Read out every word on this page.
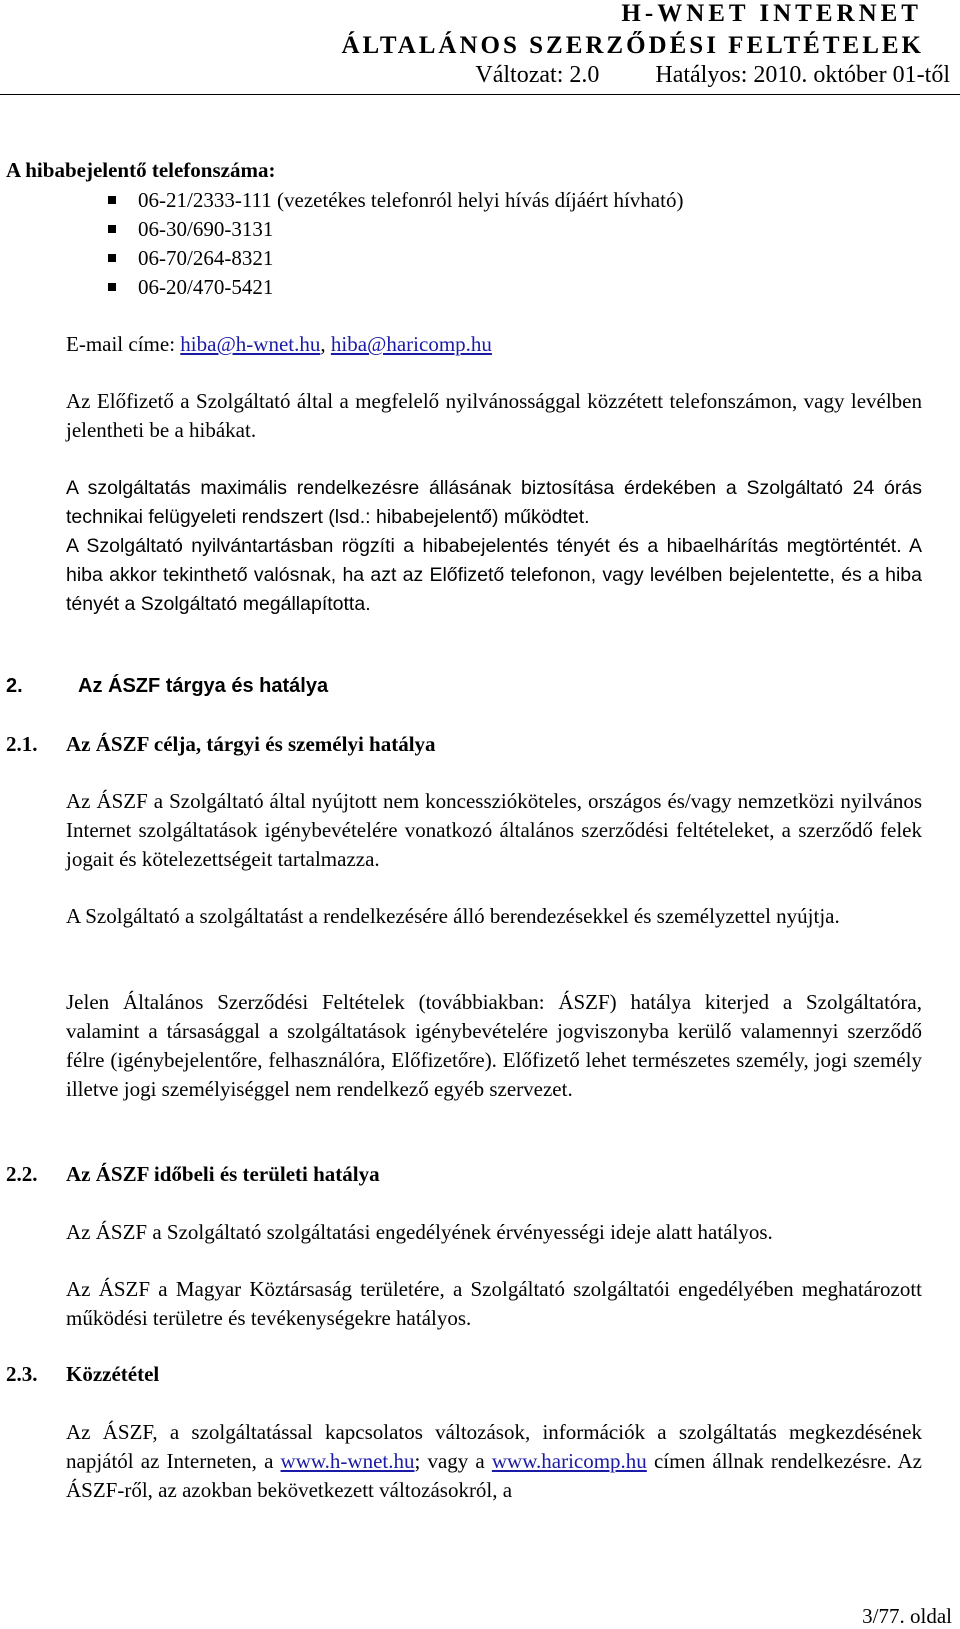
H-WNET INTERNET
ÁLTALÁNOS SZERZŐDÉSI FELTÉTELEK
Változat: 2.0 Hatályos: 2010. október 01-től
A hibabejelentő telefonszáma:
06-21/2333-111 (vezetékes telefonról helyi hívás díjáért hívható)
06-30/690-3131
06-70/264-8321
06-20/470-5421
E-mail címe: hiba@h-wnet.hu, hiba@haricomp.hu

Az Előfizető a Szolgáltató által a megfelelő nyilvánossággal közzétett telefonszámon, vagy levélben jelentheti be a hibákat.

A szolgáltatás maximális rendelkezésre állásának biztosítása érdekében a Szolgáltató 24 órás technikai felügyeleti rendszert (lsd.: hibabejelentő) működtet.

A Szolgáltató nyilvántartásban rögzíti a hibabejelentés tényét és a hibaelhárítás megtörténtét. A hiba akkor tekinthető valósnak, ha azt az Előfizető telefonon, vagy levélben bejelentette, és a hiba tényét a Szolgáltató megállapította.

2.	Az ÁSZF tárgya és hatálya
2.1. Az ÁSZF célja, tárgyi és személyi hatálya

Az ÁSZF a Szolgáltató által nyújtott nem koncesszióköteles, országos és/vagy nemzetközi nyilvános Internet szolgáltatások igénybevételére vonatkozó általános szerződési feltételeket, a szerződő felek jogait és kötelezettségeit tartalmazza.

A Szolgáltató a szolgáltatást a rendelkezésére álló berendezésekkel és személyzettel nyújtja.

Jelen Általános Szerződési Feltételek (továbbiakban: ÁSZF) hatálya kiterjed a Szolgáltatóra, valamint a társasággal a szolgáltatások igénybevételére jogviszonyba kerülő valamennyi szerződő félre (igénybejelentőre, felhasználóra, Előfizetőre). Előfizető lehet természetes személy, jogi személy illetve jogi személyiséggel nem rendelkező egyéb szervezet.

2.2. Az ÁSZF időbeli és területi hatálya

Az ÁSZF a Szolgáltató szolgáltatási engedélyének érvényességi ideje alatt hatályos.

Az ÁSZF a Magyar Köztársaság területére, a Szolgáltató szolgáltatói engedélyében meghatározott működési területre és tevékenységekre hatályos.

2.3. Közzététel

Az ÁSZF, a szolgáltatással kapcsolatos változások, információk a szolgáltatás megkezdésének napjától az Interneten, a www.h-wnet.hu; vagy a www.haricomp.hu címen állnak rendelkezésre. Az ÁSZF-ről, az azokban bekövetkezett változásokról, a

3/77. oldal
